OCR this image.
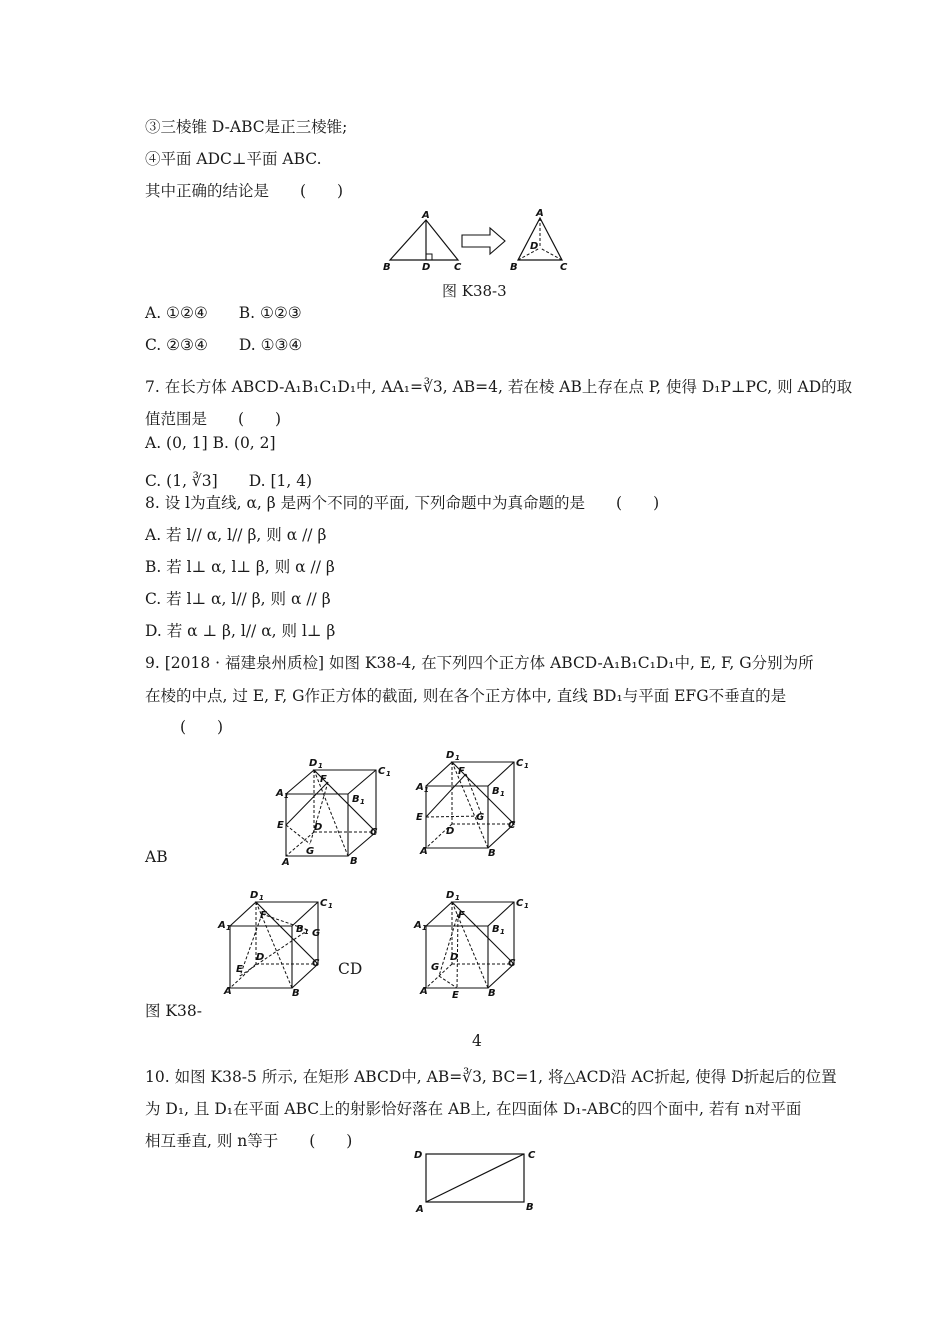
③三棱锥 D-ABC是正三棱锥;
④平面 ADC⊥平面 ABC.
其中正确的结论是　　(　　)
A
B	D C
A
D
B	C
图 K38-3
A. ①②④　　B. ①②③
C. ②③④　　D. ①③④
7. 在长方体 ABCD-A₁B₁C₁D₁中, AA₁=∛3, AB=4, 若在棱 AB上存在点 P, 使得 D₁P⊥PC, 则 AD的取
值范围是　　(　　)
A. (0, 1] B. (0, 2]
C. (1, ∛3]　　D. [1, 4)
8. 设 l为直线, α, β 是两个不同的平面, 下列命题中为真命题的是　　(　　)
A. 若 l// α, l// β, 则 α // β
B. 若 l⊥ α, l⊥ β, 则 α // β
C. 若 l⊥ α, l// β, 则 α // β
D. 若 α ⊥ β, l// α, 则 l⊥ β
9. [2018 · 福建泉州质检] 如图 K38-4, 在下列四个正方体 ABCD-A₁B₁C₁D₁中, E, F, G分别为所
在棱的中点, 过 E, F, G作正方体的截面, 则在各个正方体中, 直线 BD₁与平面 EFG不垂直的是
(　　)
D 1	C 1
A 1	B 1
F
E	D	C
G
A	B
AB
D 1	C 1
A 1	B 1
F
E
D
G
C
A	B
D 1	C 1
A 1	B 1
F
G
E
D
C
A	B
CD
D 1	C 1
A 1	B 1
F
D
G	C
A E	B
图 K38-
4
10. 如图 K38-5 所示, 在矩形 ABCD中, AB=∛3, BC=1, 将△ACD沿 AC折起, 使得 D折起后的位置
为 D₁, 且 D₁在平面 ABC上的射影恰好落在 AB上, 在四面体 D₁-ABC的四个面中, 若有 n对平面
相互垂直, 则 n等于　　(　　)
D	C
A	B
